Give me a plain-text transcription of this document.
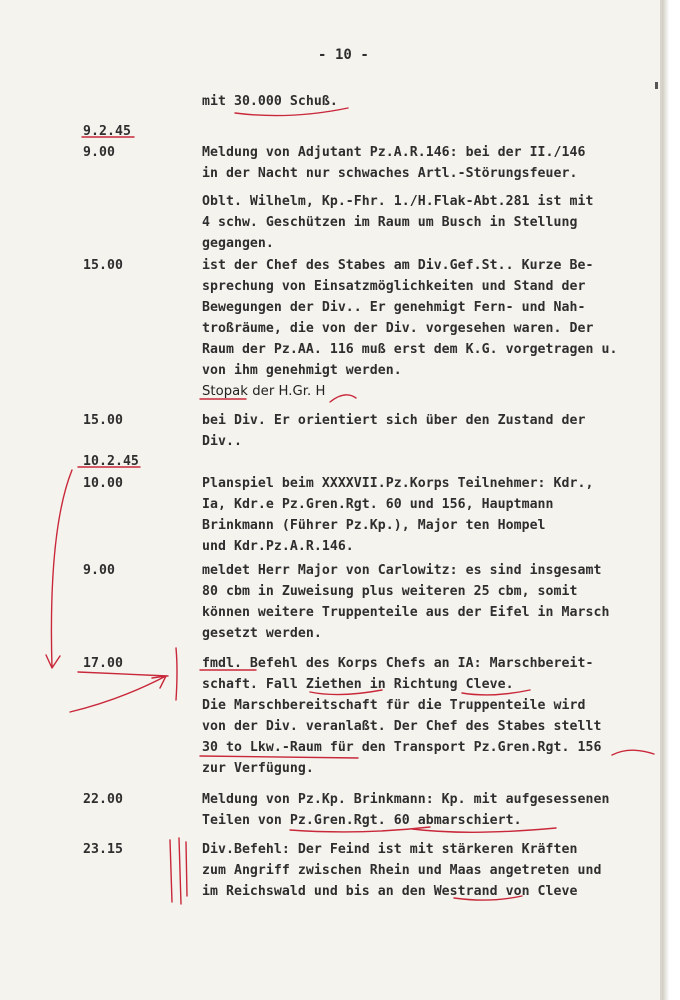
- 10 -
mit 30.000 Schuß.
9.2.45
9.00	Meldung von Adjutant Pz.A.R.146: bei der II./146
in der Nacht nur schwaches Artl.-Störungsfeuer.
Oblt. Wilhelm, Kp.-Fhr. 1./H.Flak-Abt.281 ist mit
4 schw. Geschützen im Raum um Busch in Stellung
gegangen.
15.00	ist der Chef des Stabes am Div.Gef.St.. Kurze Be-
sprechung von Einsatzmöglichkeiten und Stand der
Bewegungen der Div.. Er genehmigt Fern- und Nah-
troßräume, die von der Div. vorgesehen waren. Der
Raum der Pz.AA. 116 muß erst dem K.G. vorgetragen u.
von ihm genehmigt werden.
Stopak der H.Gr. H
15.00	bei Div. Er orientiert sich über den Zustand der
Div..
10.2.45
10.00	Planspiel beim XXXXVII.Pz.Korps Teilnehmer: Kdr.,
Ia, Kdr.e Pz.Gren.Rgt. 60 und 156, Hauptmann
Brinkmann (Führer Pz.Kp.), Major ten Hompel
und Kdr.Pz.A.R.146.
9.00	meldet Herr Major von Carlowitz: es sind insgesamt
80 cbm in Zuweisung plus weiteren 25 cbm, somit
können weitere Truppenteile aus der Eifel in Marsch
gesetzt werden.
17.00	fmdl. Befehl des Korps Chefs an IA: Marschbereit-
schaft. Fall Ziethen in Richtung Cleve.
Die Marschbereitschaft für die Truppenteile wird
von der Div. veranlaßt. Der Chef des Stabes stellt
30 to Lkw.-Raum für den Transport Pz.Gren.Rgt. 156
zur Verfügung.
22.00	Meldung von Pz.Kp. Brinkmann: Kp. mit aufgesessenen
Teilen von Pz.Gren.Rgt. 60 abmarschiert.
23.15	Div.Befehl: Der Feind ist mit stärkeren Kräften
zum Angriff zwischen Rhein und Maas angetreten und
im Reichswald und bis an den Westrand von Cleve
